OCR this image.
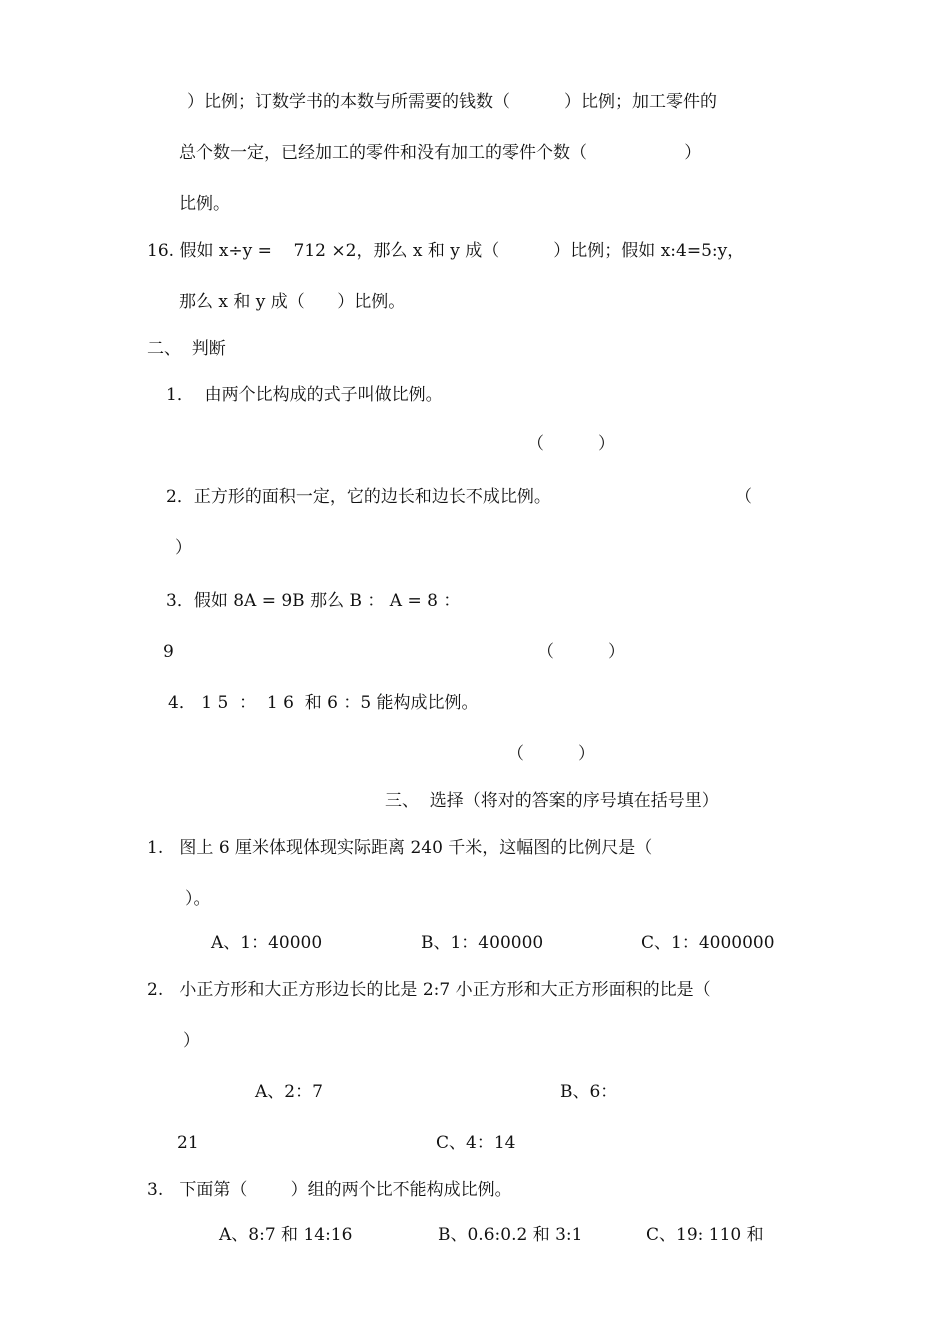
）比例；订数学书的本数与所需要的钱数（          ）比例；加工零件的
总个数一定，已经加工的零件和没有加工的零件个数（                  ）
比例。
16. 假如 x÷y =    712 ×2，那么 x 和 y 成（          ）比例；假如 x:4=5:y，
那么 x 和 y 成（      ）比例。
二、  判断
1．  由两个比构成的式子叫做比例。
（          ）
2．正方形的面积一定，它的边长和边长不成比例。	（
）
3．假如 8A = 9B 那么 B ： A = 8 ：
9	（          ）
4． 1 5  ：  1 6  和 6 ：5 能构成比例。
（          ）
三、  选择（将对的答案的序号填在括号里）
1.   图上 6 厘米体现体现实际距离 240 千米，这幅图的比例尺是（
）。
A、1：40000	B、1：400000	C、1：4000000
2.   小正方形和大正方形边长的比是 2:7 小正方形和大正方形面积的比是（
）
A、2：7	B、6：
21	C、4：14
3.   下面第（        ）组的两个比不能构成比例。
A、8:7 和 14:16	B、0.6:0.2 和 3:1	C、19: 110 和
